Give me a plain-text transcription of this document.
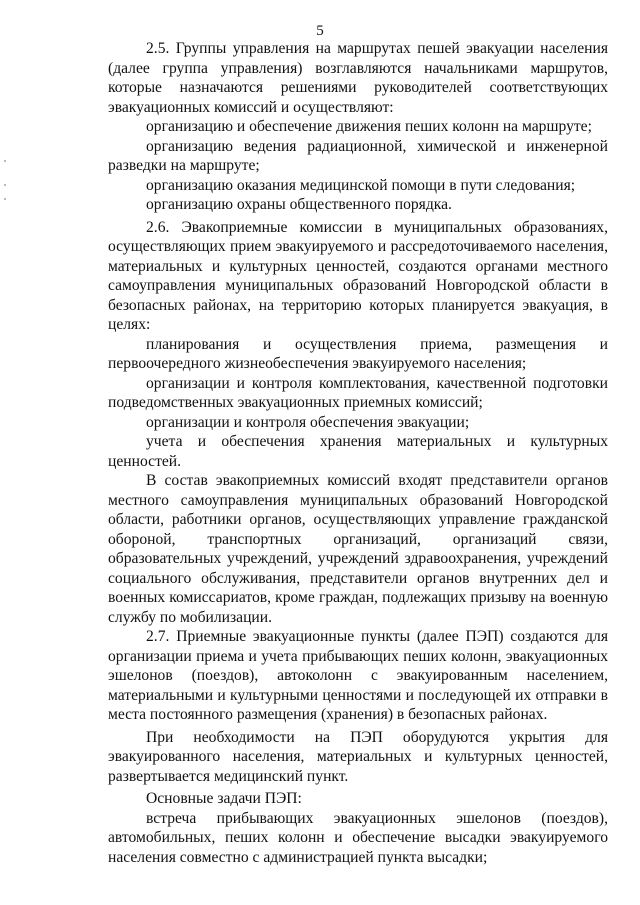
5

2.5. Группы управления на маршрутах пешей эвакуации населения (далее группа управления) возглавляются начальниками маршрутов, которые назначаются решениями руководителей соответствующих эвакуационных комиссий и осуществляют:

организацию и обеспечение движения пеших колонн на маршруте;

организацию ведения радиационной, химической и инженерной разведки на маршруте;

организацию оказания медицинской помощи в пути следования;

организацию охраны общественного порядка.

2.6. Эвакоприемные комиссии в муниципальных образованиях, осуществляющих прием эвакуируемого и рассредоточиваемого населения, материальных и культурных ценностей, создаются органами местного самоуправления муниципальных образований Новгородской области в безопасных районах, на территорию которых планируется эвакуация, в целях:

планирования и осуществления приема, размещения и первоочередного жизнеобеспечения эвакуируемого населения;

организации и контроля комплектования, качественной подготовки подведомственных эвакуационных приемных комиссий;

организации и контроля обеспечения эвакуации;

учета и обеспечения хранения материальных и культурных ценностей.

В состав эвакоприемных комиссий входят представители органов местного самоуправления муниципальных образований Новгородской области, работники органов, осуществляющих управление гражданской обороной, транспортных организаций, организаций связи, образовательных учреждений, учреждений здравоохранения, учреждений социального обслуживания, представители органов внутренних дел и военных комиссариатов, кроме граждан, подлежащих призыву на военную службу по мобилизации.

2.7. Приемные эвакуационные пункты (далее ПЭП) создаются для организации приема и учета прибывающих пеших колонн, эвакуационных эшелонов (поездов), автоколонн с эвакуированным населением, материальными и культурными ценностями и последующей их отправки в места постоянного размещения (хранения) в безопасных районах.

При необходимости на ПЭП оборудуются укрытия для эвакуированного населения, материальных и культурных ценностей, развертывается медицинский пункт.

Основные задачи ПЭП:

встреча прибывающих эвакуационных эшелонов (поездов), автомобильных, пеших колонн и обеспечение высадки эвакуируемого населения совместно с администрацией пункта высадки;
